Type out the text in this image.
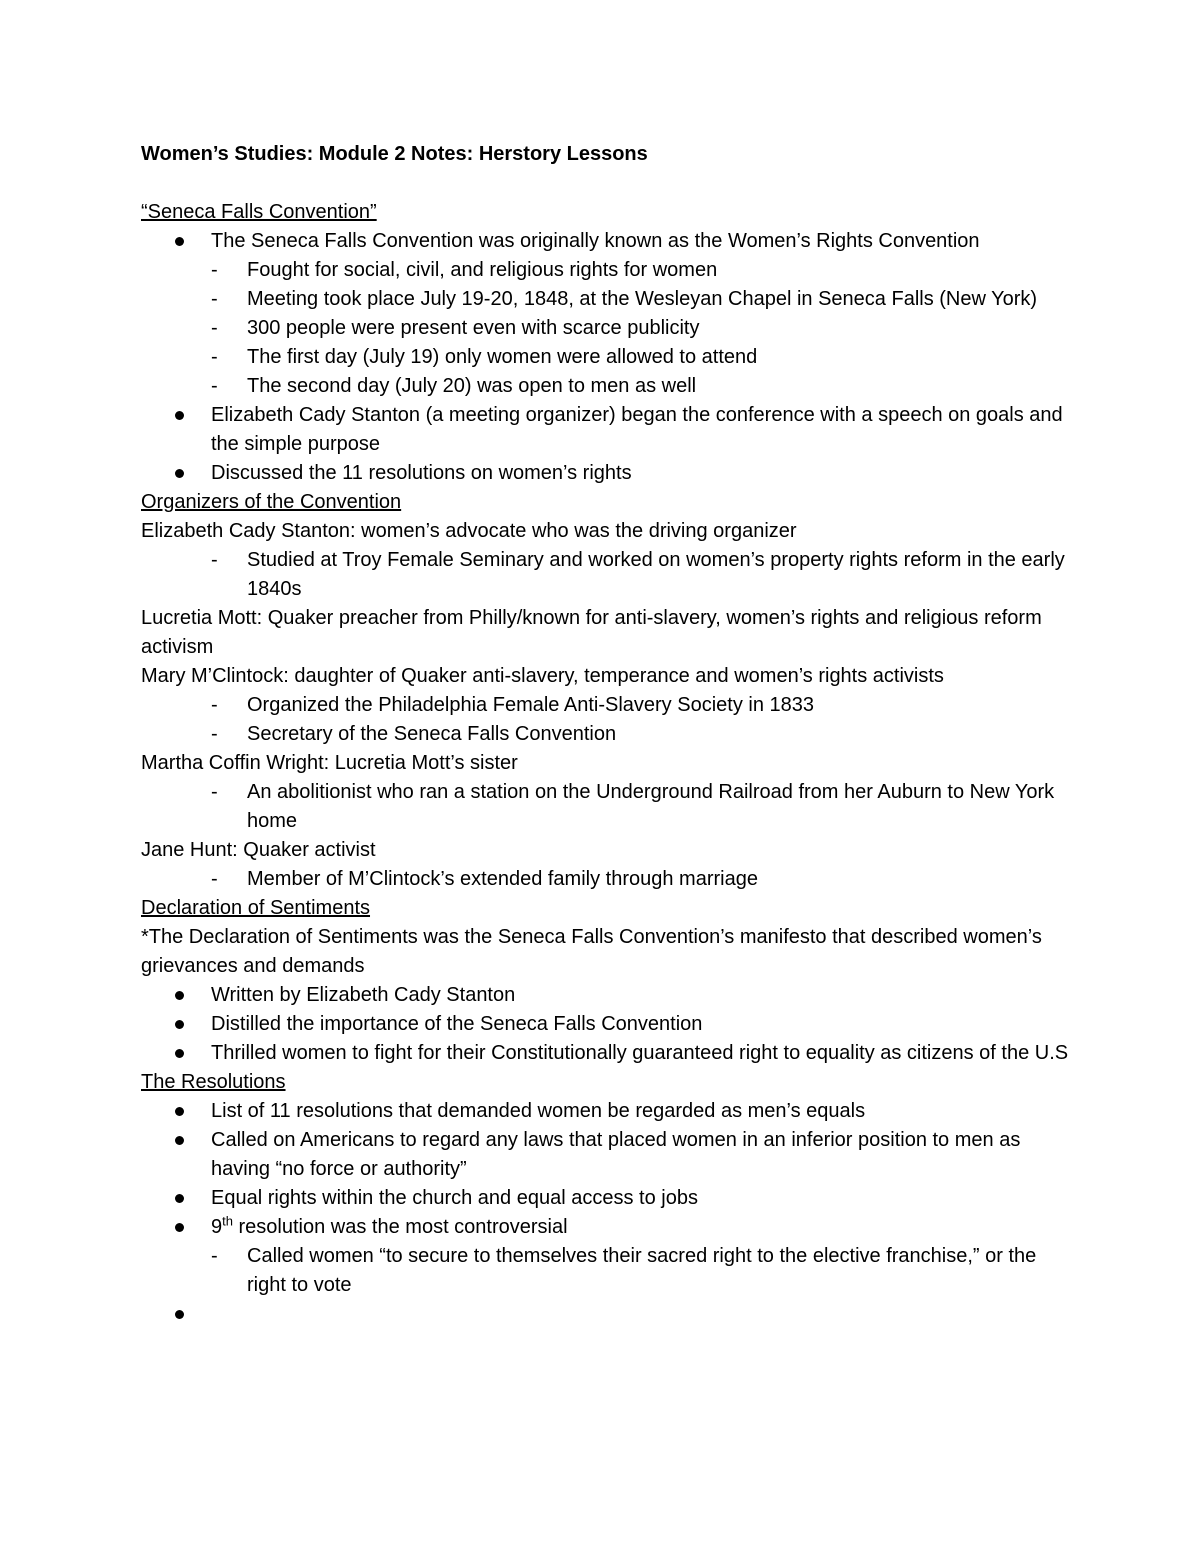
Women’s Studies: Module 2 Notes: Herstory Lessons

“Seneca Falls Convention”

The Seneca Falls Convention was originally known as the Women’s Rights Convention
- Fought for social, civil, and religious rights for women
- Meeting took place July 19-20, 1848, at the Wesleyan Chapel in Seneca Falls (New York)
- 300 people were present even with scarce publicity
- The first day (July 19) only women were allowed to attend
- The second day (July 20) was open to men as well
Elizabeth Cady Stanton (a meeting organizer) began the conference with a speech on goals and the simple purpose
Discussed the 11 resolutions on women’s rights

Organizers of the Convention

Elizabeth Cady Stanton: women’s advocate who was the driving organizer

- Studied at Troy Female Seminary and worked on women’s property rights reform in the early 1840s

Lucretia Mott: Quaker preacher from Philly/known for anti-slavery, women’s rights and religious reform activism

Mary M’Clintock: daughter of Quaker anti-slavery, temperance and women’s rights activists

- Organized the Philadelphia Female Anti-Slavery Society in 1833
- Secretary of the Seneca Falls Convention

Martha Coffin Wright: Lucretia Mott’s sister

- An abolitionist who ran a station on the Underground Railroad from her Auburn to New York home

Jane Hunt: Quaker activist

- Member of M’Clintock’s extended family through marriage

Declaration of Sentiments

*The Declaration of Sentiments was the Seneca Falls Convention’s manifesto that described women’s grievances and demands

Written by Elizabeth Cady Stanton
Distilled the importance of the Seneca Falls Convention
Thrilled women to fight for their Constitutionally guaranteed right to equality as citizens of the U.S

The Resolutions

List of 11 resolutions that demanded women be regarded as men’s equals
Called on Americans to regard any laws that placed women in an inferior position to men as having “no force or authority”
Equal rights within the church and equal access to jobs
9th resolution was the most controversial
- Called women “to secure to themselves their sacred right to the elective franchise,” or the right to vote
